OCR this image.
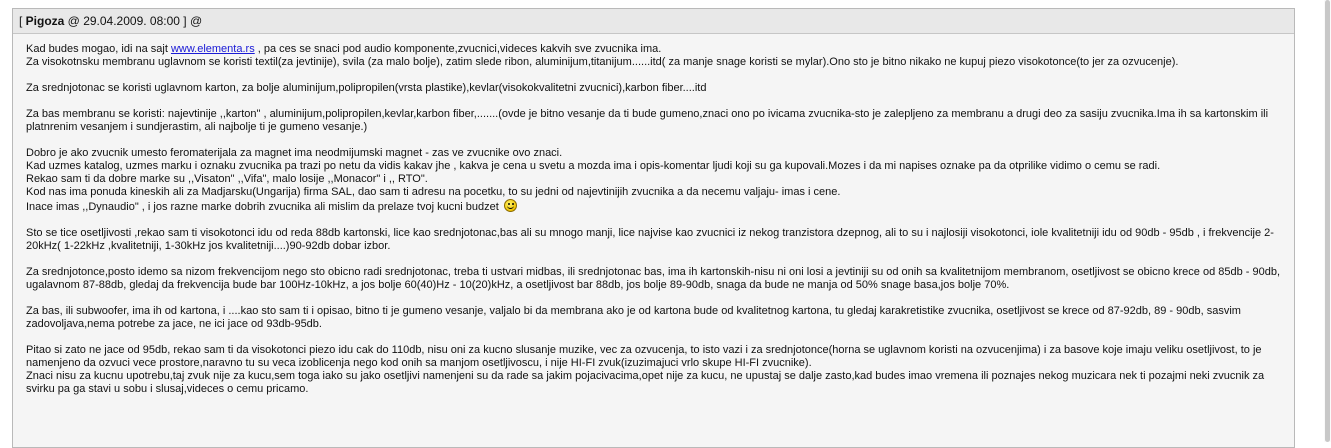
[ Pigoza @ 29.04.2009. 08:00 ] @

Kad budes mogao, idi na sajt www.elementa.rs , pa ces se snaci pod audio komponente,zvucnici,videces kakvih sve zvucnika ima.
Za visokotnsku membranu uglavnom se koristi textil(za jevtinije), svila (za malo bolje), zatim slede ribon, aluminijum,titanijum......itd( za manje snage koristi se mylar).Ono sto je bitno nikako ne kupuj piezo visokotonce(to jer za ozvucenje).

Za srednjotonac se koristi uglavnom karton, za bolje aluminijum,polipropilen(vrsta plastike),kevlar(visokokvalitetni zvucnici),karbon fiber....itd

Za bas membranu se koristi: najevtinije ,,karton" , aluminijum,polipropilen,kevlar,karbon fiber,.......(ovde je bitno vesanje da ti bude gumeno,znaci ono po ivicama zvucnika-sto je zalepljeno za membranu a drugi deo za sasiju zvucnika.Ima ih sa kartonskim ili platnrenim vesanjem i sundjerastim, ali najbolje ti je gumeno vesanje.)

Dobro je ako zvucnik umesto feromaterijala za magnet ima neodmijumski magnet - zas ve zvucnike ovo znaci.
Kad uzmes katalog, uzmes marku i oznaku zvucnika pa trazi po netu da vidis kakav jhe , kakva je cena u svetu a mozda ima i opis-komentar ljudi koji su ga kupovali.Mozes i da mi napises oznake pa da otprilike vidimo o cemu se radi.
Rekao sam ti da dobre marke su ,,Visaton" ,,Vifa", malo losije ,,Monacor" i ,, RTO".
Kod nas ima ponuda kineskih ali za Madjarsku(Ungarija) firma SAL, dao sam ti adresu na pocetku, to su jedni od najevtinijih zvucnika a da necemu valjaju- imas i cene.
Inace imas ,,Dynaudio" , i jos razne marke dobrih zvucnika ali mislim da prelaze tvoj kucni budzet

Sto se tice osetljivosti ,rekao sam ti visokotonci idu od reda 88db kartonski, lice kao srednjotonac,bas ali su mnogo manji, lice najvise kao zvucnici iz nekog tranzistora dzepnog, ali to su i najlosiji visokotonci, iole kvalitetniji idu od 90db - 95db , i frekvencije 2-20kHz( 1-22kHz ,kvalitetniji, 1-30kHz jos kvalitetniji....)90-92db dobar izbor.

Za srednjotonce,posto idemo sa nizom frekvencijom nego sto obicno radi srednjotonac, treba ti ustvari midbas, ili srednjotonac bas, ima ih kartonskih-nisu ni oni losi a jevtiniji su od onih sa kvalitetnijom membranom, osetljivost se obicno krece od 85db - 90db, ugalavnom 87-88db, gledaj da frekvencija bude bar 100Hz-10kHz, a jos bolje 60(40)Hz - 10(20)kHz, a osetljivost bar 88db, jos bolje 89-90db, snaga da bude ne manja od 50% snage basa,jos bolje 70%.

Za bas, ili subwoofer, ima ih od kartona, i ....kao sto sam ti i opisao, bitno ti je gumeno vesanje, valjalo bi da membrana ako je od kartona bude od kvalitetnog kartona, tu gledaj karakretistike zvucnika, osetljivost se krece od 87-92db, 89 - 90db, sasvim zadovoljava,nema potrebe za jace, ne ici jace od 93db-95db.

Pitao si zato ne jace od 95db, rekao sam ti da visokotonci piezo idu cak do 110db, nisu oni za kucno slusanje muzike, vec za ozvucenja, to isto vazi i za srednjotonce(horna se uglavnom koristi na ozvucenjima) i za basove koje imaju veliku osetljivost, to je namenjeno da ozvuci vece prostore,naravno tu su veca izoblicenja nego kod onih sa manjom osetljivoscu, i nije HI-FI zvuk(izuzimajuci vrlo skupe HI-FI zvucnike).
Znaci nisu za kucnu upotrebu,taj zvuk nije za kucu,sem toga iako su jako osetljivi namenjeni su da rade sa jakim pojacivacima,opet nije za kucu, ne upustaj se dalje zasto,kad budes imao vremena ili poznajes nekog muzicara nek ti pozajmi neki zvucnik za svirku pa ga stavi u sobu i slusaj,videces o cemu pricamo.
